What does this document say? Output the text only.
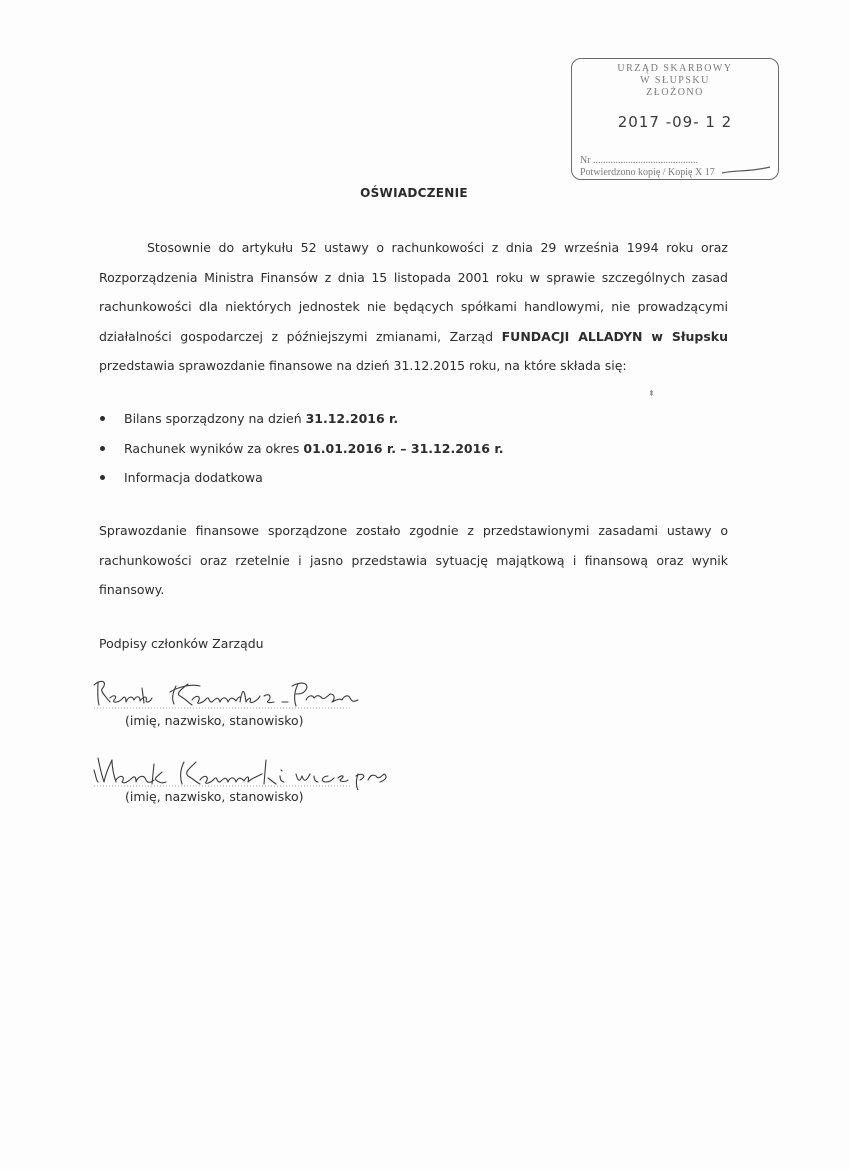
URZĄD SKARBOWY
W SŁUPSKU
ZŁOŻONO
2017 -09- 1 2
Nr ..........................................
Potwierdzono kopię / Kopię X 17
OŚWIADCZENIE
Stosownie do artykułu 52 ustawy o rachunkowości z dnia 29 września 1994 roku oraz Rozporządzenia Ministra Finansów z dnia 15 listopada 2001 roku w sprawie szczególnych zasad rachunkowości dla niektórych jednostek nie będących spółkami handlowymi, nie prowadzącymi działalności gospodarczej z późniejszymi zmianami, Zarząd FUNDACJI ALLADYN w Słupsku przedstawia sprawozdanie finansowe na dzień 31.12.2015 roku, na które składa się:
⇞
Bilans sporządzony na dzień 31.12.2016 r.
Rachunek wyników za okres 01.01.2016 r. – 31.12.2016 r.
Informacja dodatkowa
Sprawozdanie finansowe sporządzone zostało zgodnie z przedstawionymi zasadami ustawy o rachunkowości oraz rzetelnie i jasno przedstawia sytuację majątkową i finansową oraz wynik finansowy.
Podpisy członków Zarządu
(imię, nazwisko, stanowisko)
(imię, nazwisko, stanowisko)
